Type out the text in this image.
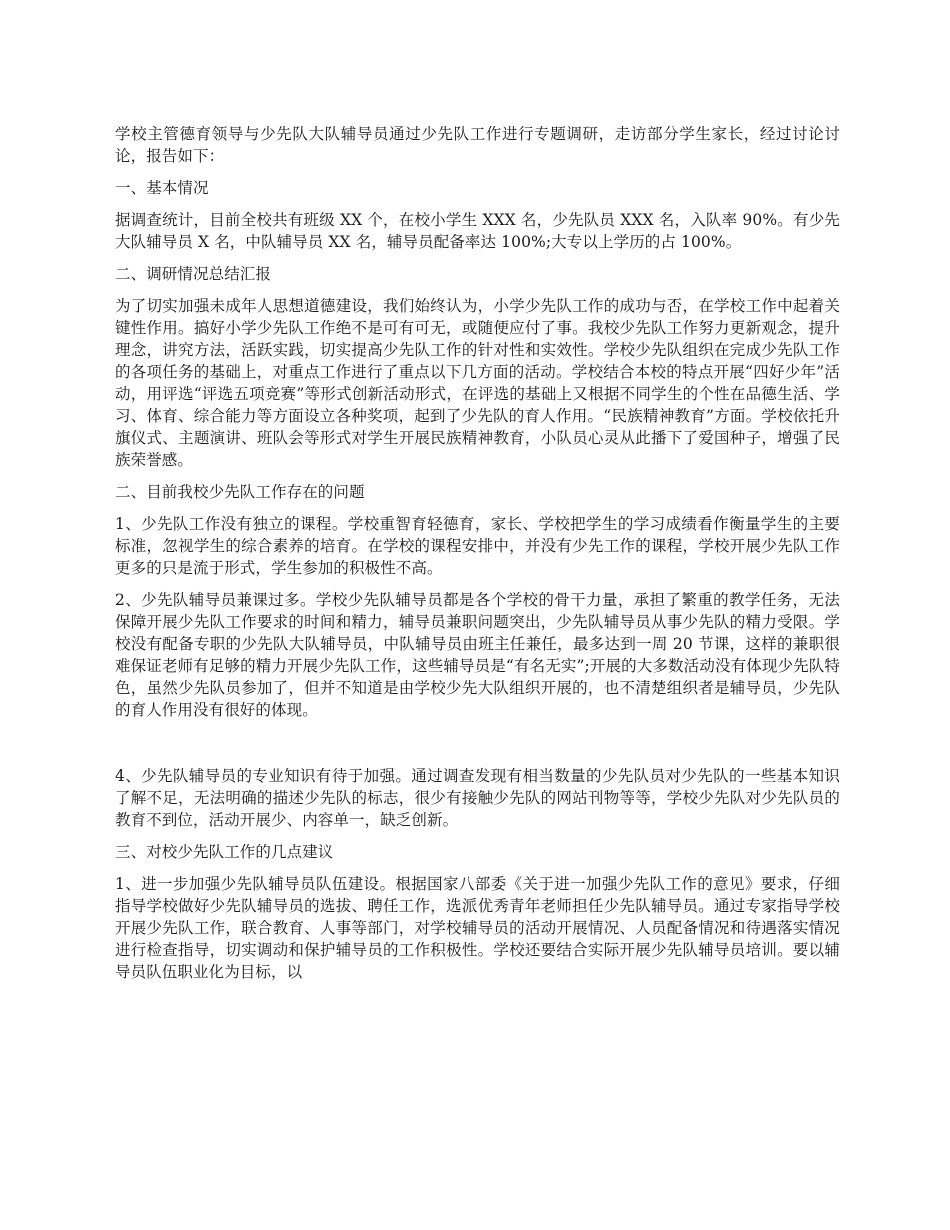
学校主管德育领导与少先队大队辅导员通过少先队工作进行专题调研，走访部分学生家长，经过讨论讨论，报告如下：

一、基本情况

据调查统计，目前全校共有班级 XX 个，在校小学生 XXX 名，少先队员 XXX 名，入队率 90%。有少先大队辅导员 X 名，中队辅导员 XX 名，辅导员配备率达 100%;大专以上学历的占 100%。

二、调研情况总结汇报

为了切实加强未成年人思想道德建设，我们始终认为，小学少先队工作的成功与否，在学校工作中起着关键性作用。搞好小学少先队工作绝不是可有可无，或随便应付了事。我校少先队工作努力更新观念，提升理念，讲究方法，活跃实践，切实提高少先队工作的针对性和实效性。学校少先队组织在完成少先队工作的各项任务的基础上，对重点工作进行了重点以下几方面的活动。学校结合本校的特点开展“四好少年”活动，用评选“评选五项竞赛”等形式创新活动形式，在评选的基础上又根据不同学生的个性在品德生活、学习、体育、综合能力等方面设立各种奖项，起到了少先队的育人作用。“民族精神教育”方面。学校依托升旗仪式、主题演讲、班队会等形式对学生开展民族精神教育，小队员心灵从此播下了爱国种子，增强了民族荣誉感。

二、目前我校少先队工作存在的问题

1、少先队工作没有独立的课程。学校重智育轻德育，家长、学校把学生的学习成绩看作衡量学生的主要标准，忽视学生的综合素养的培育。在学校的课程安排中，并没有少先工作的课程，学校开展少先队工作更多的只是流于形式，学生参加的积极性不高。

2、少先队辅导员兼课过多。学校少先队辅导员都是各个学校的骨干力量，承担了繁重的教学任务，无法保障开展少先队工作要求的时间和精力，辅导员兼职问题突出，少先队辅导员从事少先队的精力受限。学校没有配备专职的少先队大队辅导员，中队辅导员由班主任兼任，最多达到一周 20 节课，这样的兼职很难保证老师有足够的精力开展少先队工作，这些辅导员是“有名无实”;开展的大多数活动没有体现少先队特色，虽然少先队员参加了，但并不知道是由学校少先大队组织开展的，也不清楚组织者是辅导员，少先队的育人作用没有很好的体现。

4、少先队辅导员的专业知识有待于加强。通过调查发现有相当数量的少先队员对少先队的一些基本知识了解不足，无法明确的描述少先队的标志，很少有接触少先队的网站刊物等等，学校少先队对少先队员的教育不到位，活动开展少、内容单一，缺乏创新。

三、对校少先队工作的几点建议

1、进一步加强少先队辅导员队伍建设。根据国家八部委《关于进一加强少先队工作的意见》要求，仔细指导学校做好少先队辅导员的选拔、聘任工作，选派优秀青年老师担任少先队辅导员。通过专家指导学校开展少先队工作，联合教育、人事等部门，对学校辅导员的活动开展情况、人员配备情况和待遇落实情况进行检查指导，切实调动和保护辅导员的工作积极性。学校还要结合实际开展少先队辅导员培训。要以辅导员队伍职业化为目标，以
